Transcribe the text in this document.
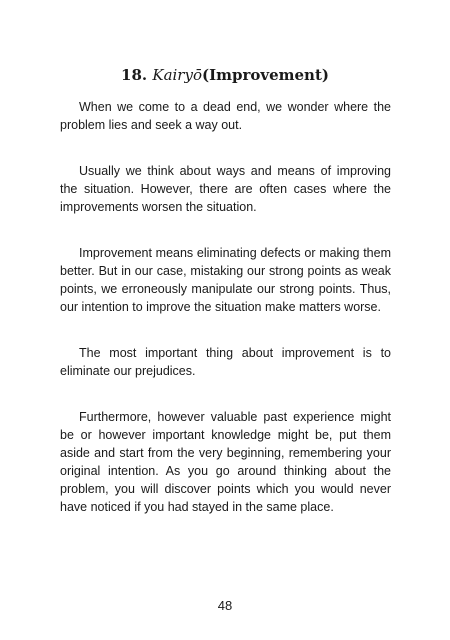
18. Kairyō(Improvement)

When we come to a dead end, we wonder where the problem lies and seek a way out.

Usually we think about ways and means of improving the situation. However, there are often cases where the improvements worsen the situation.

Improvement means eliminating defects or making them better. But in our case, mistaking our strong points as weak points, we erroneously manipulate our strong points. Thus, our intention to improve the situation make matters worse.

The most important thing about improvement is to eliminate our prejudices.

Furthermore, however valuable past experience might be or however important knowledge might be, put them aside and start from the very beginning, remembering your original intention. As you go around thinking about the problem, you will discover points which you would never have noticed if you had stayed in the same place.

48
